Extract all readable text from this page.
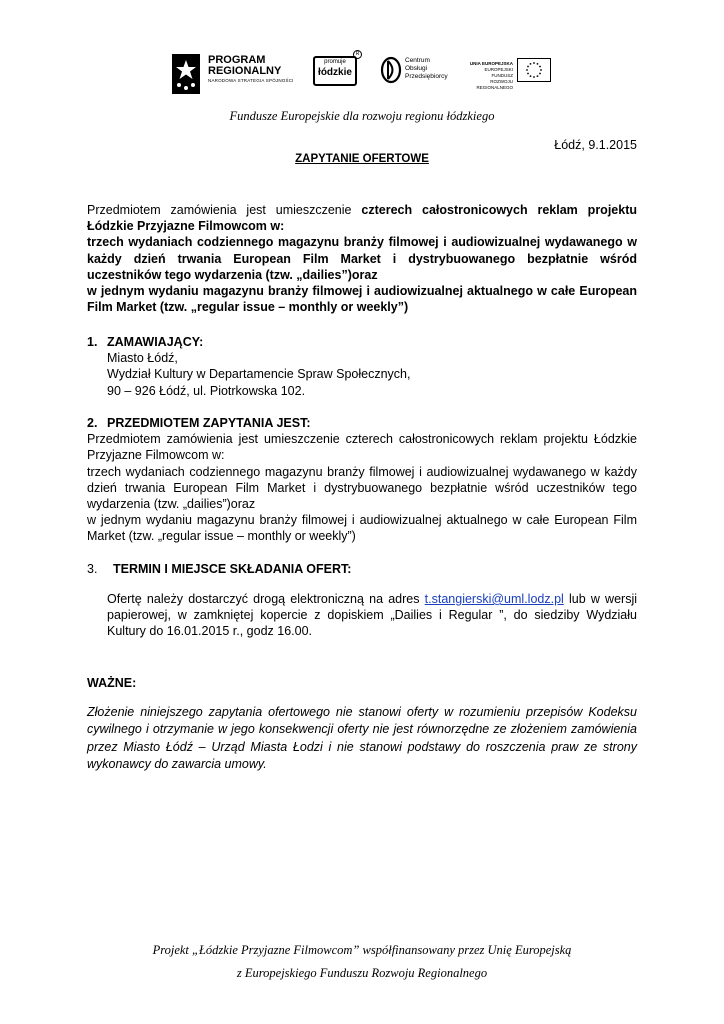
PROGRAM
REGIONALNY
NARODOWA STRATEGIA SPÓJNOŚCI
promuje
łódzkie
R
Centrum
Obsługi
Przedsiębiorcy
UNIA EUROPEJSKA
EUROPEJSKI FUNDUSZ
ROZWOJU REGIONALNEGO
Fundusze Europejskie dla rozwoju regionu łódzkiego
Łódź, 9.1.2015
ZAPYTANIE OFERTOWE
Przedmiotem zamówienia jest umieszczenie czterech całostronicowych reklam projektu Łódzkie Przyjazne Filmowcom w:
trzech wydaniach codziennego magazynu branży filmowej i audiowizualnej wydawanego w każdy dzień trwania European Film Market i dystrybuowanego bezpłatnie wśród uczestników tego wydarzenia (tzw. „dailies”)oraz
w jednym wydaniu magazynu branży filmowej i audiowizualnej aktualnego w całe European Film Market (tzw. „regular issue – monthly or weekly”)
1. ZAMAWIAJĄCY:
Miasto Łódź,
Wydział Kultury w Departamencie Spraw Społecznych,
90 – 926 Łódź, ul. Piotrkowska 102.
2. PRZEDMIOTEM ZAPYTANIA JEST:
Przedmiotem zamówienia jest umieszczenie czterech całostronicowych reklam projektu Łódzkie Przyjazne Filmowcom w:
trzech wydaniach codziennego magazynu branży filmowej i audiowizualnej wydawanego w każdy dzień trwania European Film Market i dystrybuowanego bezpłatnie wśród uczestników tego wydarzenia (tzw. „dailies”)oraz
w jednym wydaniu magazynu branży filmowej i audiowizualnej aktualnego w całe European Film Market (tzw. „regular issue – monthly or weekly”)
3. TERMIN I MIEJSCE SKŁADANIA OFERT:
Ofertę należy dostarczyć drogą elektroniczną na adres t.stangierski@uml.lodz.pl lub w wersji papierowej, w zamkniętej kopercie z dopiskiem „Dailies i Regular ”, do siedziby Wydziału Kultury do 16.01.2015 r., godz 16.00.
WAŻNE:
Złożenie niniejszego zapytania ofertowego nie stanowi oferty w rozumieniu przepisów Kodeksu cywilnego i otrzymanie w jego konsekwencji oferty nie jest równorzędne ze złożeniem zamówienia przez Miasto Łódź – Urząd Miasta Łodzi i nie stanowi podstawy do roszczenia praw ze strony wykonawcy do zawarcia umowy.
Projekt „Łódzkie Przyjazne Filmowcom” współfinansowany przez Unię Europejską
z Europejskiego Funduszu Rozwoju Regionalnego
